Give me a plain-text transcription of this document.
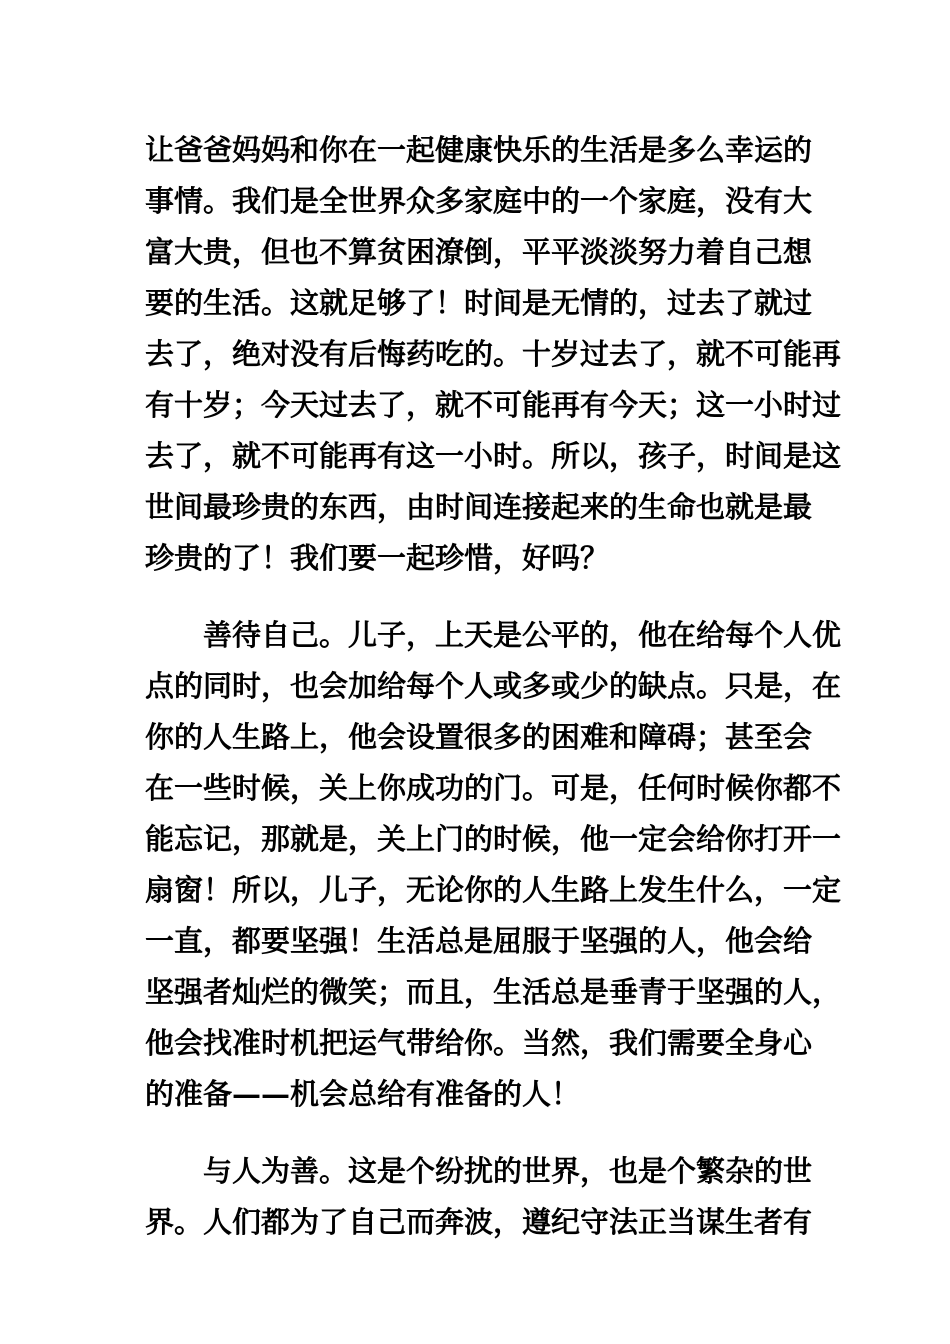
让爸爸妈妈和你在一起健康快乐的生活是多么幸运的
事情。我们是全世界众多家庭中的一个家庭，没有大
富大贵，但也不算贫困潦倒，平平淡淡努力着自己想
要的生活。这就足够了！时间是无情的，过去了就过
去了，绝对没有后悔药吃的。十岁过去了，就不可能再
有十岁；今天过去了，就不可能再有今天；这一小时过
去了，就不可能再有这一小时。所以，孩子，时间是这
世间最珍贵的东西，由时间连接起来的生命也就是最
珍贵的了！我们要一起珍惜，好吗？
善待自己。儿子，上天是公平的，他在给每个人优
点的同时，也会加给每个人或多或少的缺点。只是，在
你的人生路上，他会设置很多的困难和障碍；甚至会
在一些时候，关上你成功的门。可是，任何时候你都不
能忘记，那就是，关上门的时候，他一定会给你打开一
扇窗！所以，儿子，无论你的人生路上发生什么，一定
一直，都要坚强！生活总是屈服于坚强的人，他会给
坚强者灿烂的微笑；而且，生活总是垂青于坚强的人，
他会找准时机把运气带给你。当然，我们需要全身心
的准备——机会总给有准备的人！
与人为善。这是个纷扰的世界，也是个繁杂的世
界。人们都为了自己而奔波，遵纪守法正当谋生者有
